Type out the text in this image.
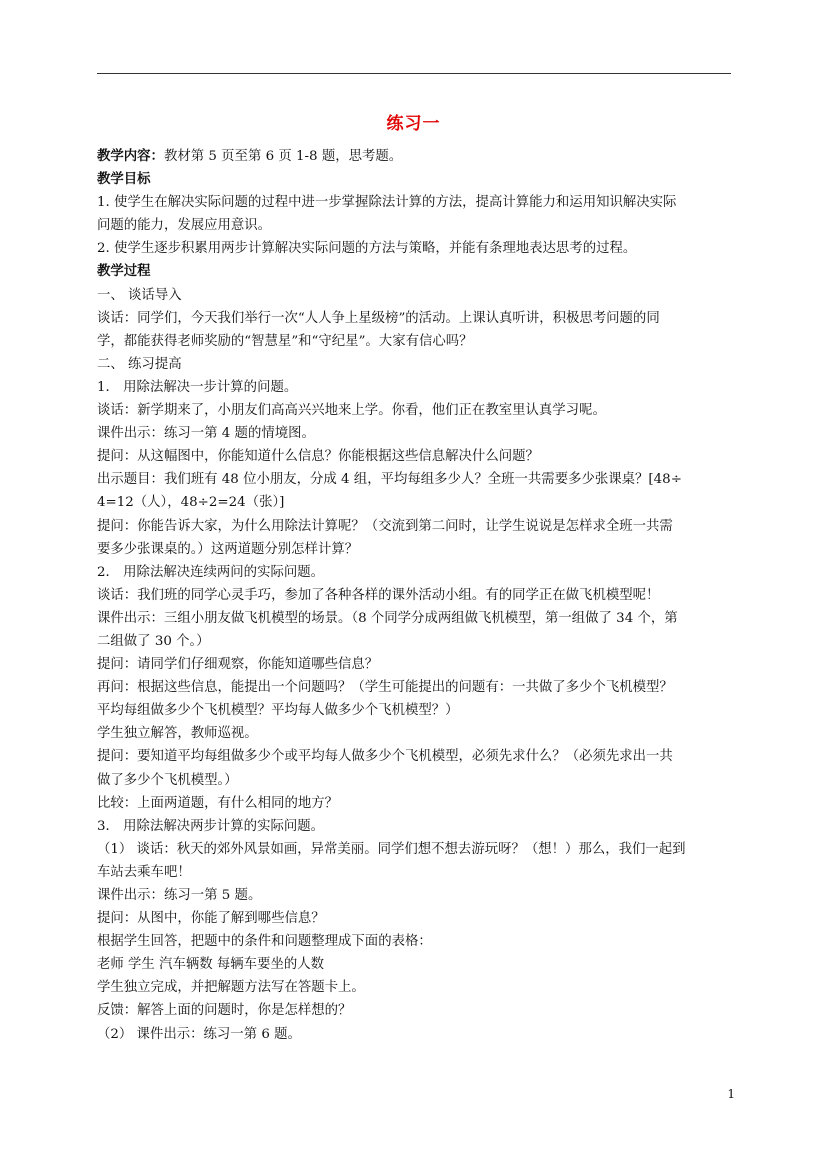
练习一
教学内容：教材第 5 页至第 6 页 1-8 题，思考题。
教学目标
1. 使学生在解决实际问题的过程中进一步掌握除法计算的方法，提高计算能力和运用知识解决实际
问题的能力，发展应用意识。
2. 使学生逐步积累用两步计算解决实际问题的方法与策略，并能有条理地表达思考的过程。
教学过程
一、 谈话导入
谈话：同学们，今天我们举行一次“人人争上星级榜”的活动。上课认真听讲，积极思考问题的同
学，都能获得老师奖励的“智慧星”和“守纪星”。大家有信心吗？
二、 练习提高
1． 用除法解决一步计算的问题。
谈话：新学期来了，小朋友们高高兴兴地来上学。你看，他们正在教室里认真学习呢。
课件出示：练习一第 4 题的情境图。
提问：从这幅图中，你能知道什么信息？你能根据这些信息解决什么问题？
出示题目：我们班有 48 位小朋友，分成 4 组，平均每组多少人？全班一共需要多少张课桌？[48÷
4=12（人），48÷2=24（张）]
提问：你能告诉大家，为什么用除法计算呢？（交流到第二问时，让学生说说是怎样求全班一共需
要多少张课桌的。）这两道题分别怎样计算？
2． 用除法解决连续两问的实际问题。
谈话：我们班的同学心灵手巧，参加了各种各样的课外活动小组。有的同学正在做飞机模型呢！
课件出示：三组小朋友做飞机模型的场景。（8 个同学分成两组做飞机模型，第一组做了 34 个，第
二组做了 30 个。）
提问：请同学们仔细观察，你能知道哪些信息？
再问：根据这些信息，能提出一个问题吗？（学生可能提出的问题有：一共做了多少个飞机模型？
平均每组做多少个飞机模型？平均每人做多少个飞机模型？）
学生独立解答，教师巡视。
提问：要知道平均每组做多少个或平均每人做多少个飞机模型，必须先求什么？（必须先求出一共
做了多少个飞机模型。）
比较：上面两道题，有什么相同的地方？
3． 用除法解决两步计算的实际问题。
（1） 谈话：秋天的郊外风景如画，异常美丽。同学们想不想去游玩呀？（想！）那么，我们一起到
车站去乘车吧！
课件出示：练习一第 5 题。
提问：从图中，你能了解到哪些信息？
根据学生回答，把题中的条件和问题整理成下面的表格：
老师 学生 汽车辆数 每辆车要坐的人数
学生独立完成，并把解题方法写在答题卡上。
反馈：解答上面的问题时，你是怎样想的？
（2） 课件出示：练习一第 6 题。
1
